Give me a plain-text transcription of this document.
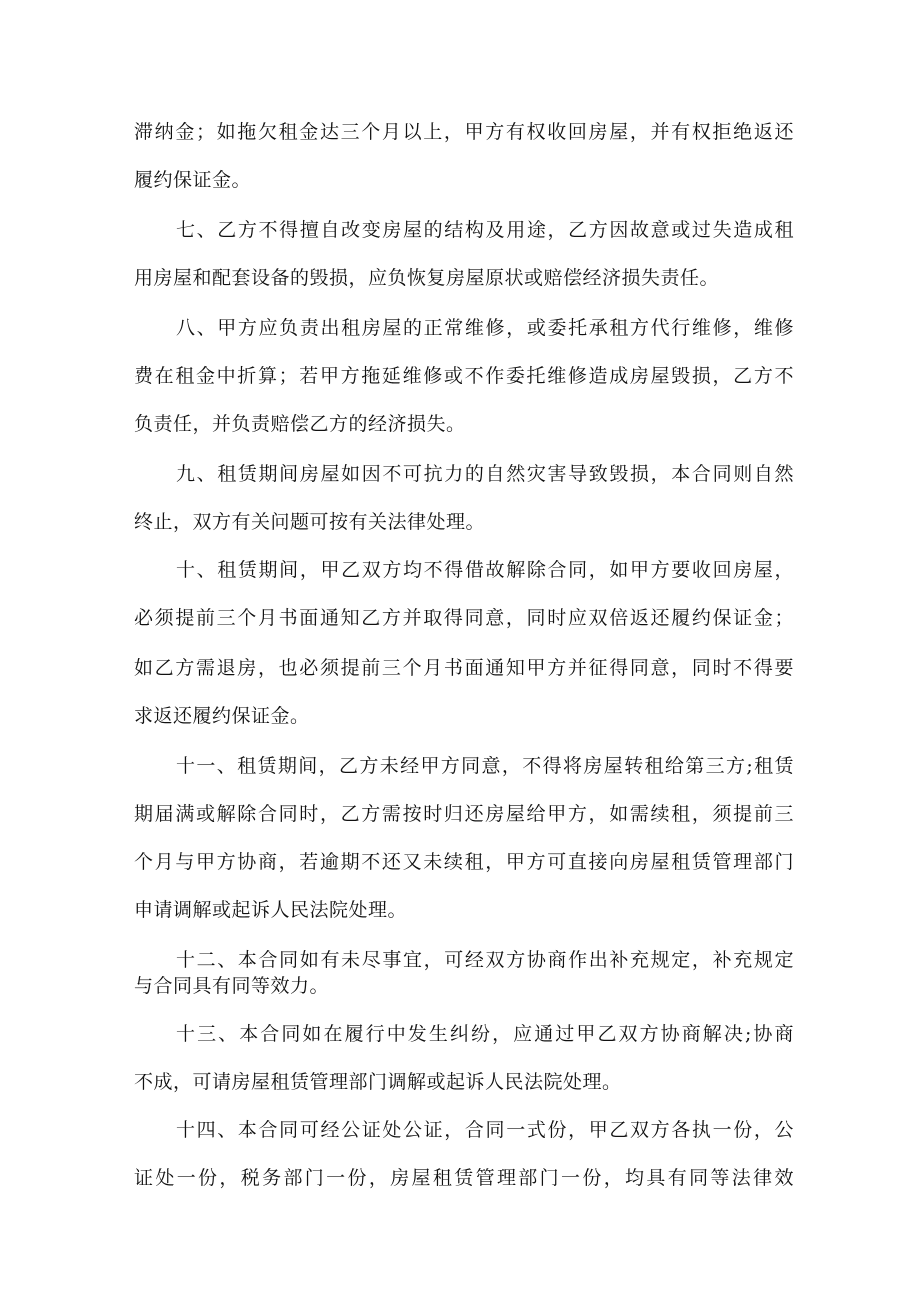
滞纳金；如拖欠租金达三个月以上，甲方有权收回房屋，并有权拒绝返还
履约保证金。
七、乙方不得擅自改变房屋的结构及用途，乙方因故意或过失造成租
用房屋和配套设备的毁损，应负恢复房屋原状或赔偿经济损失责任。
八、甲方应负责出租房屋的正常维修，或委托承租方代行维修，维修
费在租金中折算；若甲方拖延维修或不作委托维修造成房屋毁损，乙方不
负责任，并负责赔偿乙方的经济损失。
九、租赁期间房屋如因不可抗力的自然灾害导致毁损，本合同则自然
终止，双方有关问题可按有关法律处理。
十、租赁期间，甲乙双方均不得借故解除合同，如甲方要收回房屋，
必须提前三个月书面通知乙方并取得同意，同时应双倍返还履约保证金；
如乙方需退房，也必须提前三个月书面通知甲方并征得同意，同时不得要
求返还履约保证金。
十一、租赁期间，乙方未经甲方同意，不得将房屋转租给第三方;租赁
期届满或解除合同时，乙方需按时归还房屋给甲方，如需续租，须提前三
个月与甲方协商，若逾期不还又未续租，甲方可直接向房屋租赁管理部门
申请调解或起诉人民法院处理。
十二、本合同如有未尽事宜，可经双方协商作出补充规定，补充规定
与合同具有同等效力。
十三、本合同如在履行中发生纠纷，应通过甲乙双方协商解决;协商
不成，可请房屋租赁管理部门调解或起诉人民法院处理。
十四、本合同可经公证处公证，合同一式份，甲乙双方各执一份，公
证处一份，税务部门一份，房屋租赁管理部门一份，均具有同等法律效
